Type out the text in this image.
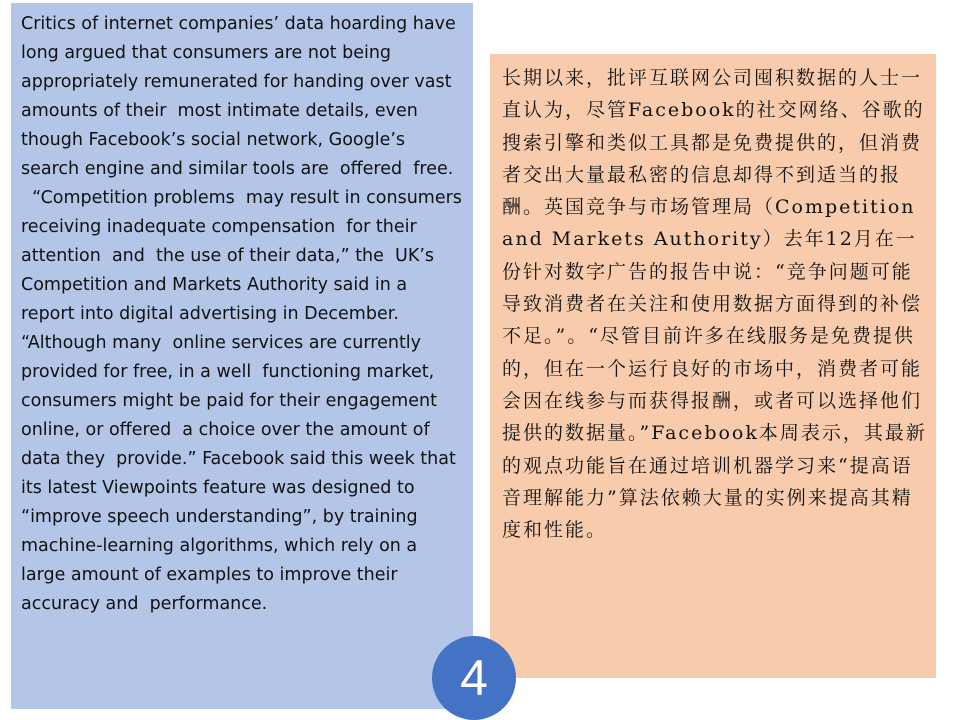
Critics of internet companies’ data hoarding have long argued that consumers are not being appropriately remunerated for handing over vast amounts of their  most intimate details, even though Facebook’s social network, Google’s search engine and similar tools are  offered  free.
“Competition problems  may result in consumers receiving inadequate compensation  for their attention  and  the use of their data,” the  UK’s  Competition and Markets Authority said in a report into digital advertising in December.  “Although many  online services are currently provided for free, in a well  functioning market, consumers might be paid for their engagement online, or offered  a choice over the amount of  data they  provide.” Facebook said this week that its latest Viewpoints feature was designed to “improve speech understanding”, by training machine-learning algorithms, which rely on a large amount of examples to improve their accuracy and  performance.

长期以来，批评互联网公司囤积数据的人士一直认为，尽管Facebook的社交网络、谷歌的搜索引擎和类似工具都是免费提供的，但消费者交出大量最私密的信息却得不到适当的报酬。英国竞争与市场管理局（Competition and Markets Authority）去年12月在一份针对数字广告的报告中说：“竞争问题可能导致消费者在关注和使用数据方面得到的补偿不足。”。“尽管目前许多在线服务是免费提供的，但在一个运行良好的市场中，消费者可能会因在线参与而获得报酬，或者可以选择他们提供的数据量。”Facebook本周表示，其最新的观点功能旨在通过培训机器学习来“提高语音理解能力”算法依赖大量的实例来提高其精度和性能。

4
